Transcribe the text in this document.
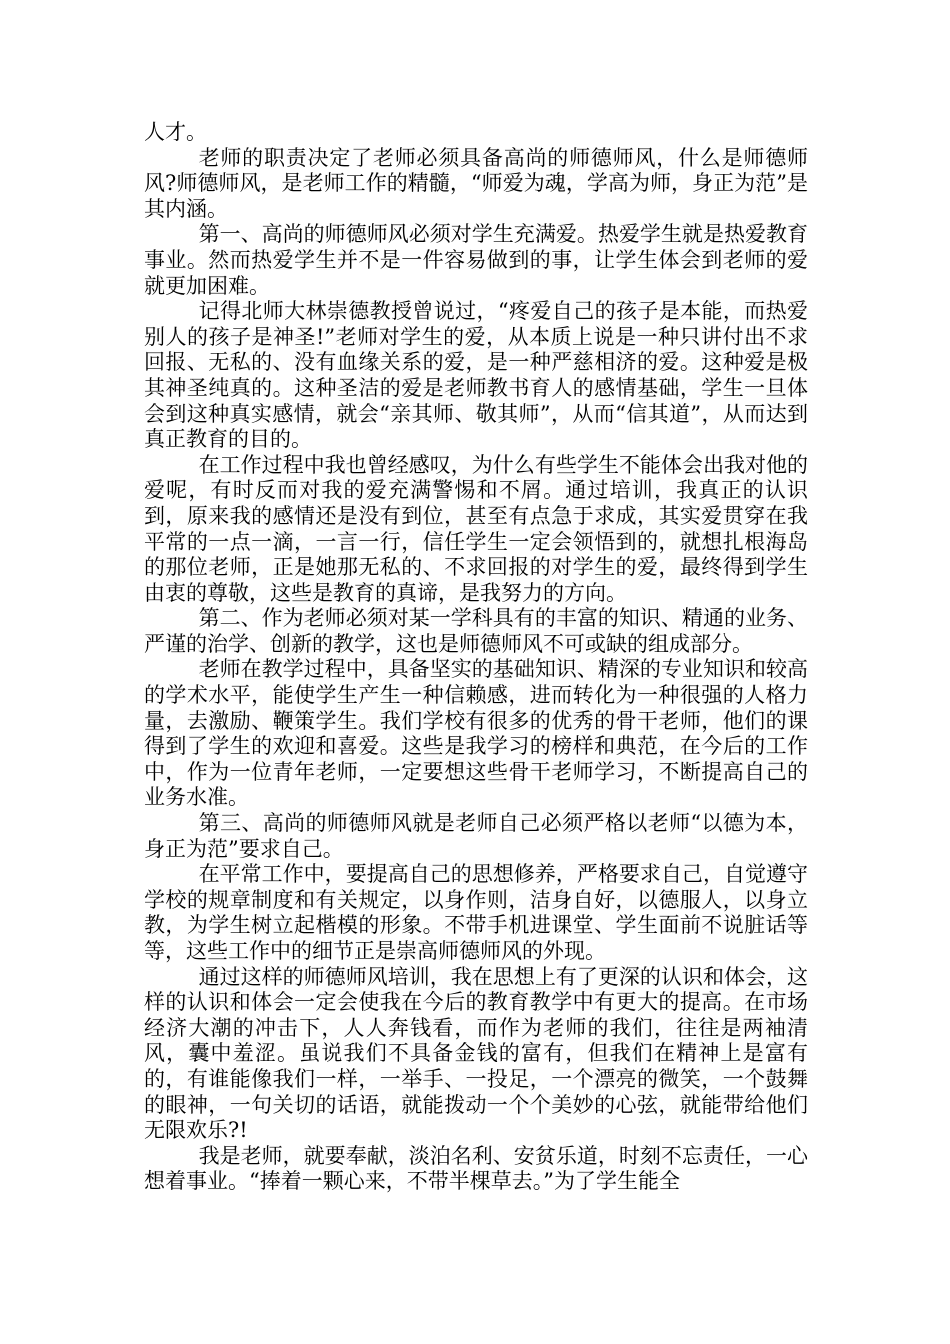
人才。

老师的职责决定了老师必须具备高尚的师德师风，什么是师德师风?师德师风，是老师工作的精髓，“师爱为魂，学高为师，身正为范”是其内涵。

第一、高尚的师德师风必须对学生充满爱。热爱学生就是热爱教育事业。然而热爱学生并不是一件容易做到的事，让学生体会到老师的爱就更加困难。

记得北师大林崇德教授曾说过，“疼爱自己的孩子是本能，而热爱别人的孩子是神圣!”老师对学生的爱，从本质上说是一种只讲付出不求回报、无私的、没有血缘关系的爱，是一种严慈相济的爱。这种爱是极其神圣纯真的。这种圣洁的爱是老师教书育人的感情基础，学生一旦体会到这种真实感情，就会“亲其师、敬其师”，从而“信其道”，从而达到真正教育的目的。

在工作过程中我也曾经感叹，为什么有些学生不能体会出我对他的爱呢，有时反而对我的爱充满警惕和不屑。通过培训，我真正的认识到，原来我的感情还是没有到位，甚至有点急于求成，其实爱贯穿在我平常的一点一滴，一言一行，信任学生一定会领悟到的，就想扎根海岛的那位老师，正是她那无私的、不求回报的对学生的爱，最终得到学生由衷的尊敬，这些是教育的真谛，是我努力的方向。

第二、作为老师必须对某一学科具有的丰富的知识、精通的业务、严谨的治学、创新的教学，这也是师德师风不可或缺的组成部分。

老师在教学过程中，具备坚实的基础知识、精深的专业知识和较高的学术水平，能使学生产生一种信赖感，进而转化为一种很强的人格力量，去激励、鞭策学生。我们学校有很多的优秀的骨干老师，他们的课得到了学生的欢迎和喜爱。这些是我学习的榜样和典范，在今后的工作中，作为一位青年老师，一定要想这些骨干老师学习，不断提高自己的业务水准。

第三、高尚的师德师风就是老师自己必须严格以老师“以德为本，身正为范”要求自己。

在平常工作中，要提高自己的思想修养，严格要求自己，自觉遵守学校的规章制度和有关规定，以身作则，洁身自好，以德服人，以身立教，为学生树立起楷模的形象。不带手机进课堂、学生面前不说脏话等等，这些工作中的细节正是崇高师德师风的外现。

通过这样的师德师风培训，我在思想上有了更深的认识和体会，这样的认识和体会一定会使我在今后的教育教学中有更大的提高。在市场经济大潮的冲击下，人人奔钱看，而作为老师的我们，往往是两袖清风，囊中羞涩。虽说我们不具备金钱的富有，但我们在精神上是富有的，有谁能像我们一样，一举手、一投足，一个漂亮的微笑，一个鼓舞的眼神，一句关切的话语，就能拨动一个个美妙的心弦，就能带给他们无限欢乐?!

我是老师，就要奉献，淡泊名利、安贫乐道，时刻不忘责任，一心想着事业。“捧着一颗心来，不带半棵草去。”为了学生能全
